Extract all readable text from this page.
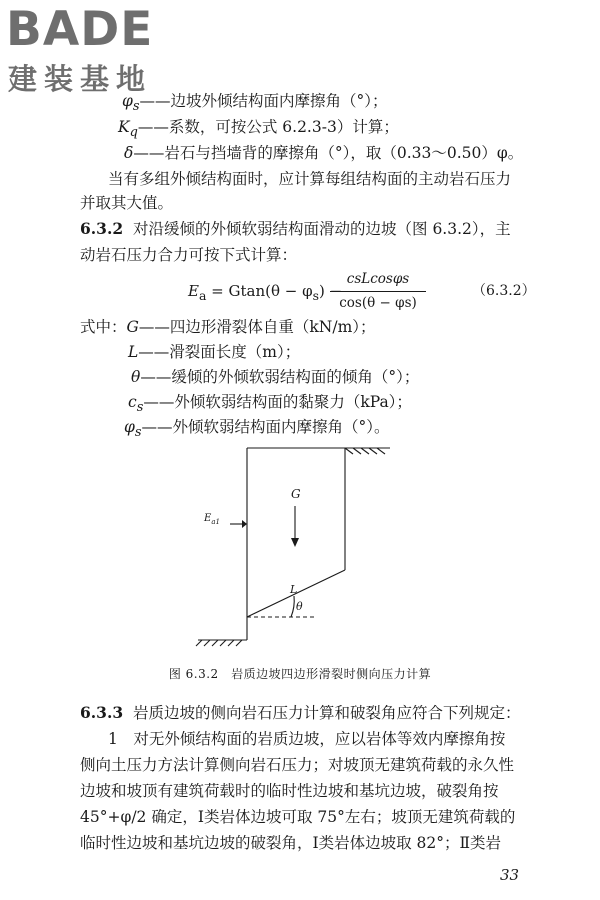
BADE
建装基地
$\varphi_s——$边坡外倾结构面内摩擦角（°）；
$K_q——$系数，可按公式 6.2.3-3）计算；
δ——岩石与挡墙背的摩擦角（°），取（0.33～0.50）φ。
当有多组外倾结构面时，应计算每组结构面的主动岩石压力
并取其大值。
6.3.2 对沿缓倾的外倾软弱结构面滑动的边坡（图 6.3.2），主
动岩石压力合力可按下式计算：
$E_a = Gtan(\theta - \varphi_s)$ −
csLcosφs
cos(θ − φs)
（6.3.2）
式中：G——四边形滑裂体自重（kN/m）；
L——滑裂面长度（m）；
θ——缓倾的外倾软弱结构面的倾角（°）；
$c_s——$外倾软弱结构面的黏聚力（kPa）；
$\varphi_s——$外倾软弱结构面内摩擦角（°）。
G
$E_{a1}$
L
θ
图 6.3.2　岩质边坡四边形滑裂时侧向压力计算
6.3.3 岩质边坡的侧向岩石压力计算和破裂角应符合下列规定：
1　对无外倾结构面的岩质边坡，应以岩体等效内摩擦角按
侧向土压力方法计算侧向岩石压力；对坡顶无建筑荷载的永久性
边坡和坡顶有建筑荷载时的临时性边坡和基坑边坡，破裂角按
45°+φ/2 确定，Ⅰ类岩体边坡可取 75°左右；坡顶无建筑荷载的
临时性边坡和基坑边坡的破裂角，Ⅰ类岩体边坡取 82°；Ⅱ类岩
33
